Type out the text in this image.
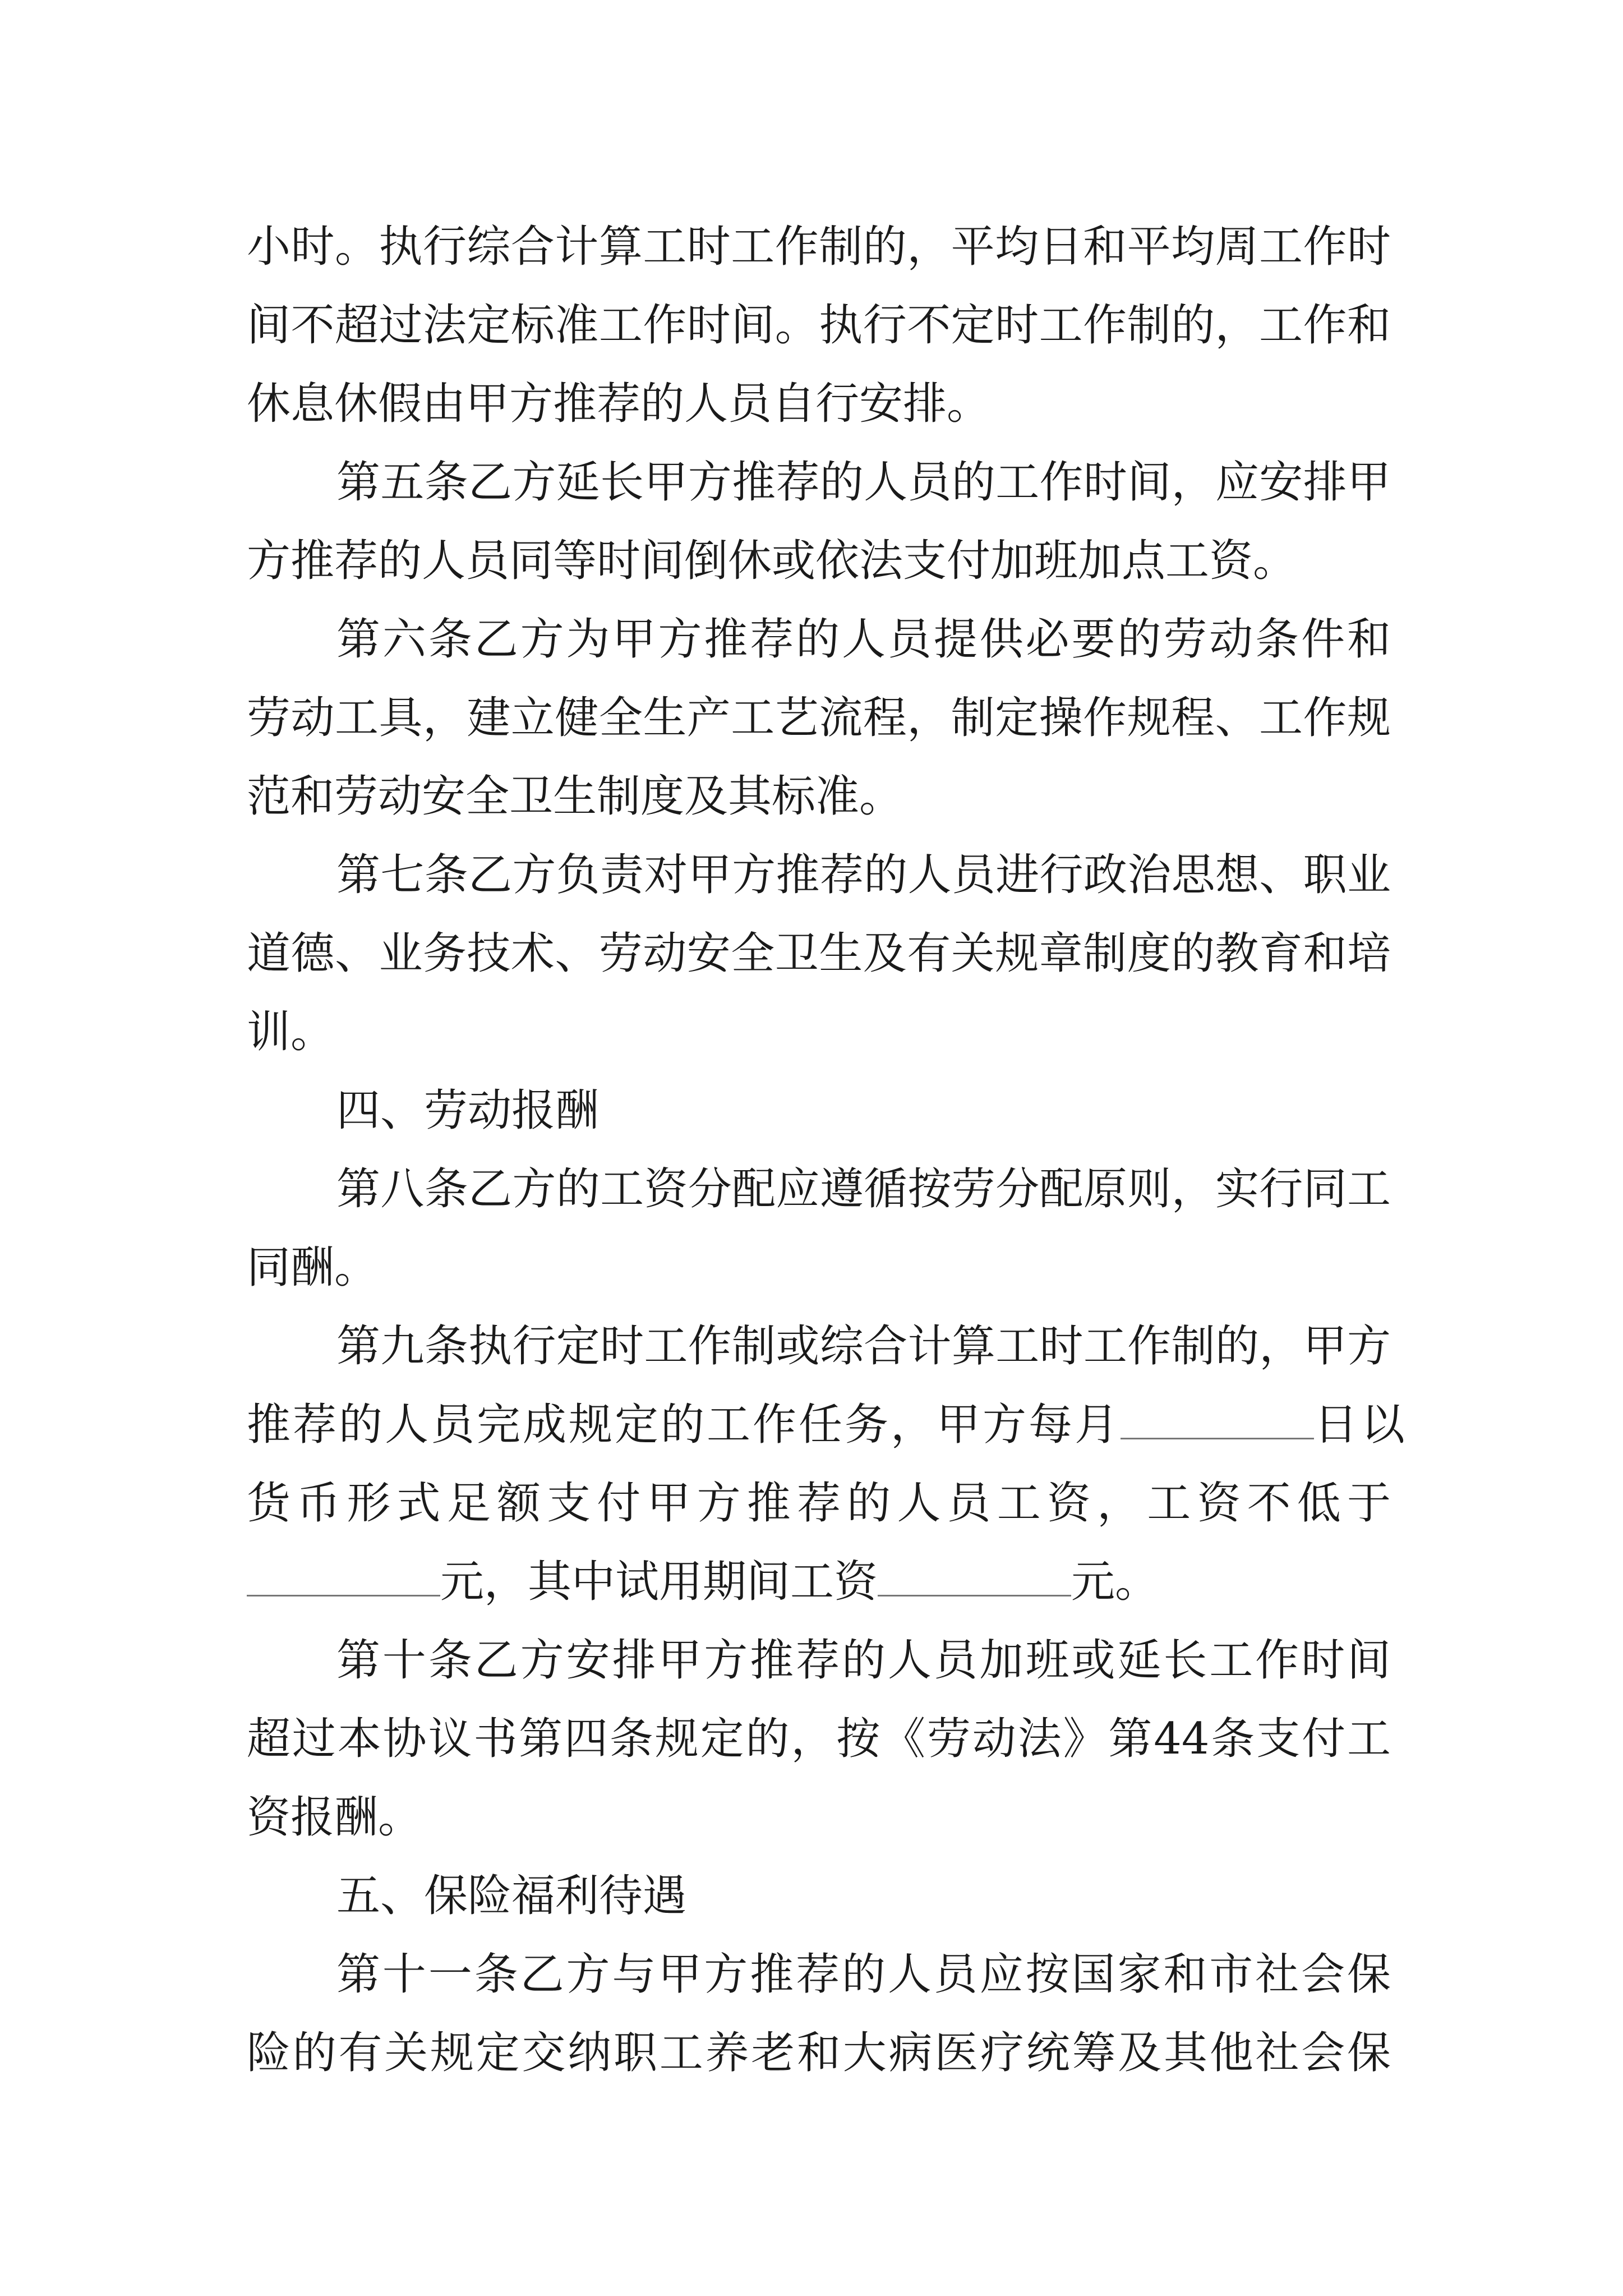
小时。执行综合计算工时工作制的，平均日和平均周工作时
间不超过法定标准工作时间。执行不定时工作制的，工作和
休息休假由甲方推荐的人员自行安排。
第五条乙方延长甲方推荐的人员的工作时间，应安排甲
方推荐的人员同等时间倒休或依法支付加班加点工资。
第六条乙方为甲方推荐的人员提供必要的劳动条件和
劳动工具，建立健全生产工艺流程，制定操作规程、工作规
范和劳动安全卫生制度及其标准。
第七条乙方负责对甲方推荐的人员进行政治思想、职业
道德、业务技术、劳动安全卫生及有关规章制度的教育和培
训。
四、劳动报酬
第八条乙方的工资分配应遵循按劳分配原则，实行同工
同酬。
第九条执行定时工作制或综合计算工时工作制的，甲方
推荐的人员完成规定的工作任务，甲方每月	日以
货币形式足额支付甲方推荐的人员工资，工资不低于
元，其中试用期间工资	元。
第十条乙方安排甲方推荐的人员加班或延长工作时间
超过本协议书第四条规定的，按《劳动法》第44条支付工
资报酬。
五、保险福利待遇
第十一条乙方与甲方推荐的人员应按国家和市社会保
险的有关规定交纳职工养老和大病医疗统筹及其他社会保
